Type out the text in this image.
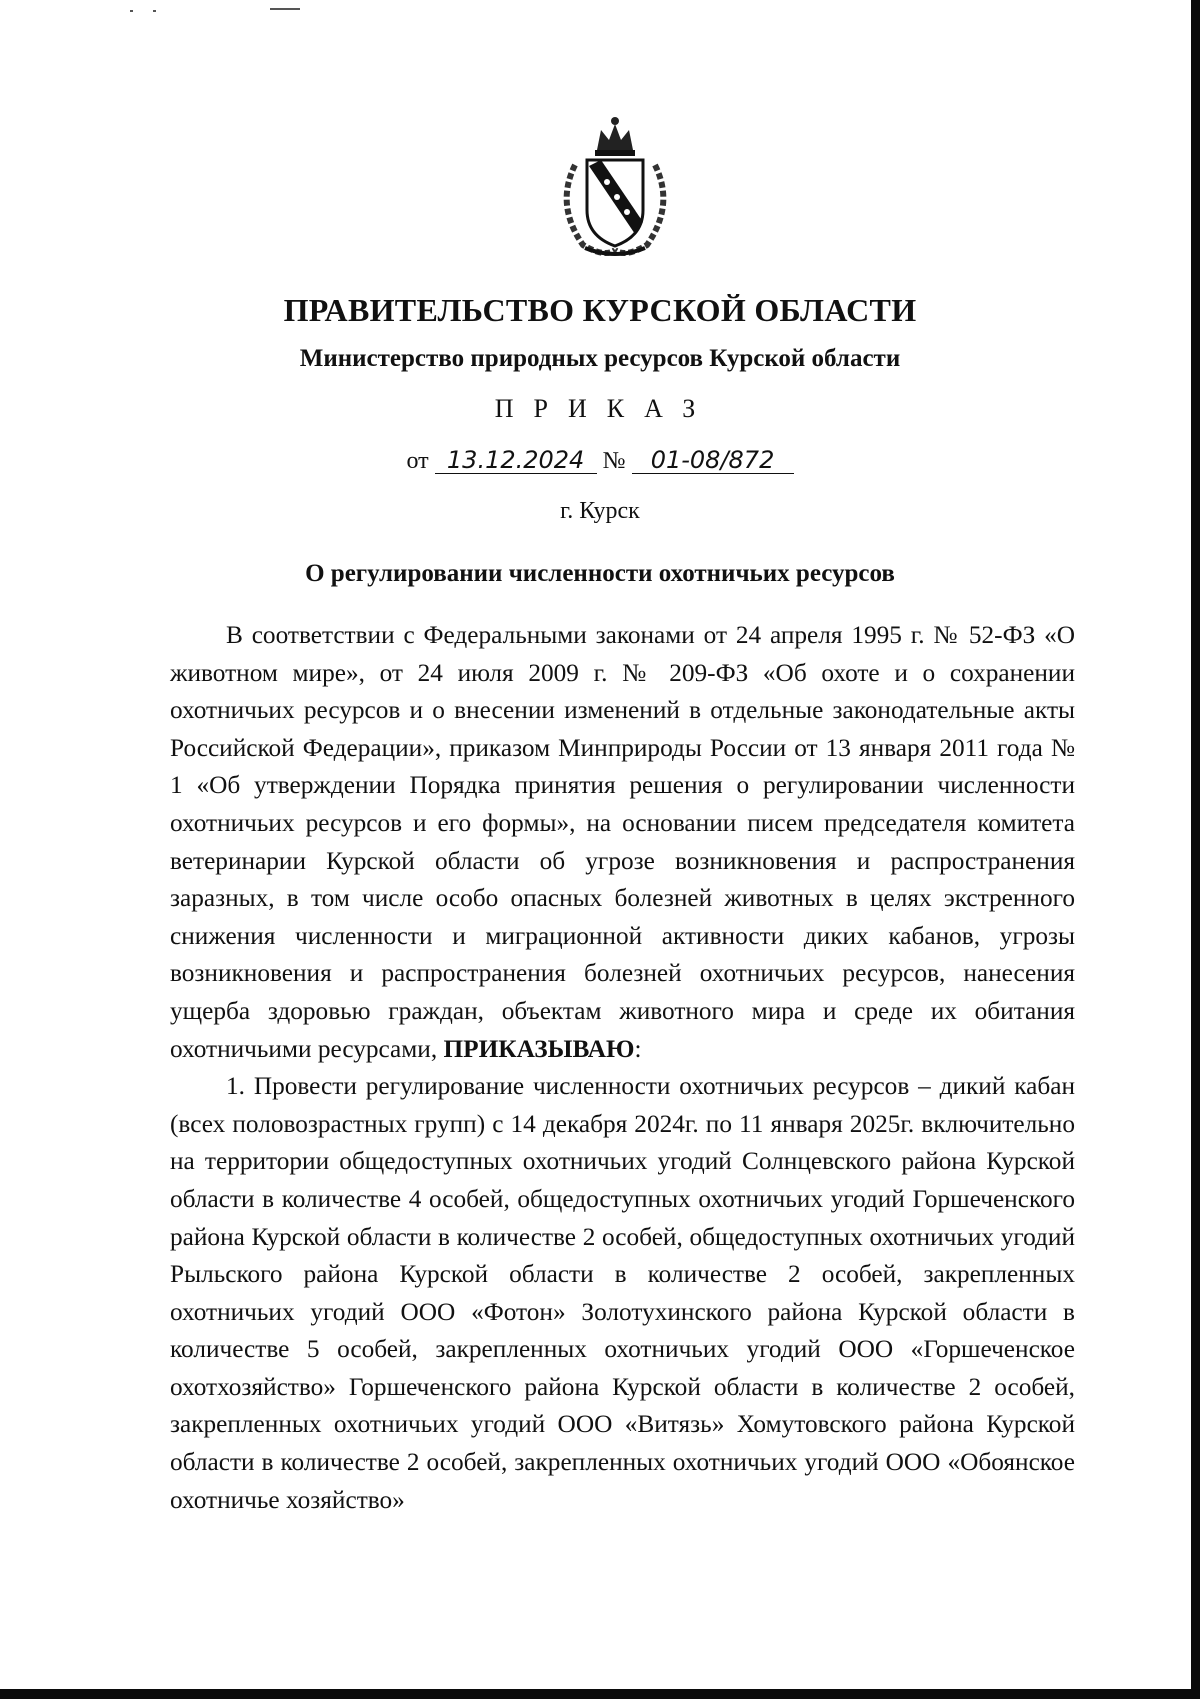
ПРАВИТЕЛЬСТВО КУРСКОЙ ОБЛАСТИ
Министерство природных ресурсов Курской области
ПРИКАЗ
от 13.12.2024 № 01-08/872
г. Курск
О регулировании численности охотничьих ресурсов

В соответствии с Федеральными законами от 24 апреля 1995 г. № 52-ФЗ «О животном мире», от 24 июля 2009 г. № 209-ФЗ «Об охоте и о сохранении охотничьих ресурсов и о внесении изменений в отдельные законодательные акты Российской Федерации», приказом Минприроды России от 13 января 2011 года № 1 «Об утверждении Порядка принятия решения о регулировании численности охотничьих ресурсов и его формы», на основании писем председателя комитета ветеринарии Курской области об угрозе возникновения и распространения заразных, в том числе особо опасных болезней животных в целях экстренного снижения численности и миграционной активности диких кабанов, угрозы возникновения и распространения болезней охотничьих ресурсов, нанесения ущерба здоровью граждан, объектам животного мира и среде их обитания охотничьими ресурсами, ПРИКАЗЫВАЮ:

1. Провести регулирование численности охотничьих ресурсов – дикий кабан (всех половозрастных групп) с 14 декабря 2024г. по 11 января 2025г. включительно на территории общедоступных охотничьих угодий Солнцевского района Курской области в количестве 4 особей, общедоступных охотничьих угодий Горшеченского района Курской области в количестве 2 особей, общедоступных охотничьих угодий Рыльского района Курской области в количестве 2 особей, закрепленных охотничьих угодий ООО «Фотон» Золотухинского района Курской области в количестве 5 особей, закрепленных охотничьих угодий ООО «Горшеченское охотхозяйство» Горшеченского района Курской области в количестве 2 особей, закрепленных охотничьих угодий ООО «Витязь» Хомутовского района Курской области в количестве 2 особей, закрепленных охотничьих угодий ООО «Обоянское охотничье хозяйство»
